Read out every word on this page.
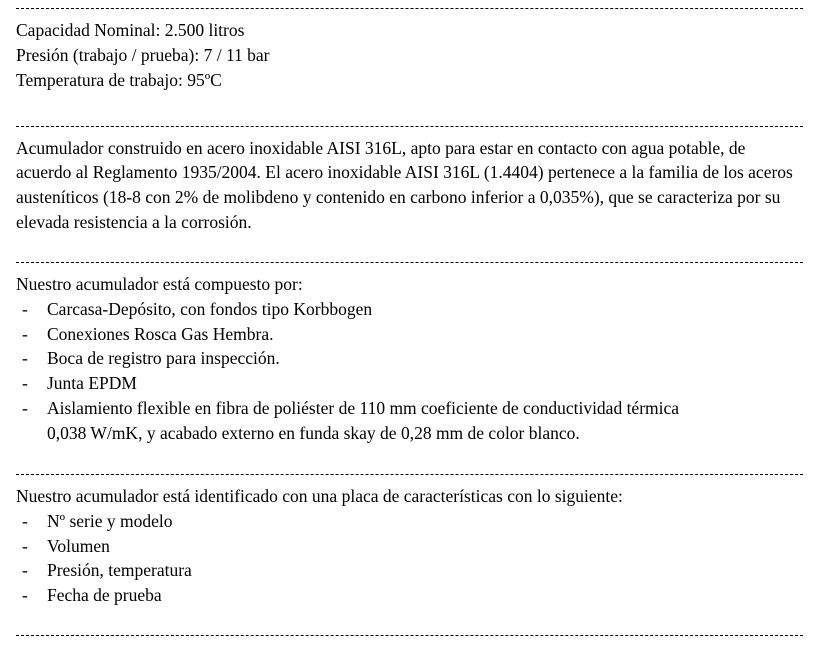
Capacidad Nominal: 2.500 litros

Presión (trabajo / prueba): 7 / 11 bar

Temperatura de trabajo: 95ºC

Acumulador construido en acero inoxidable AISI 316L, apto para estar en contacto con agua potable, de acuerdo al Reglamento 1935/2004. El acero inoxidable AISI 316L (1.4404) pertenece a la familia de los aceros austeníticos (18-8 con 2% de molibdeno y contenido en carbono inferior a 0,035%), que se caracteriza por su elevada resistencia a la corrosión.

Nuestro acumulador está compuesto por:

- Carcasa-Depósito, con fondos tipo Korbbogen
- Conexiones Rosca Gas Hembra.
- Boca de registro para inspección.
- Junta EPDM
- Aislamiento flexible en fibra de poliéster de 110 mm coeficiente de conductividad térmica
0,038 W/mK, y acabado externo en funda skay de 0,28 mm de color blanco.

Nuestro acumulador está identificado con una placa de características con lo siguiente:

- Nº serie y modelo
- Volumen
- Presión, temperatura
- Fecha de prueba
